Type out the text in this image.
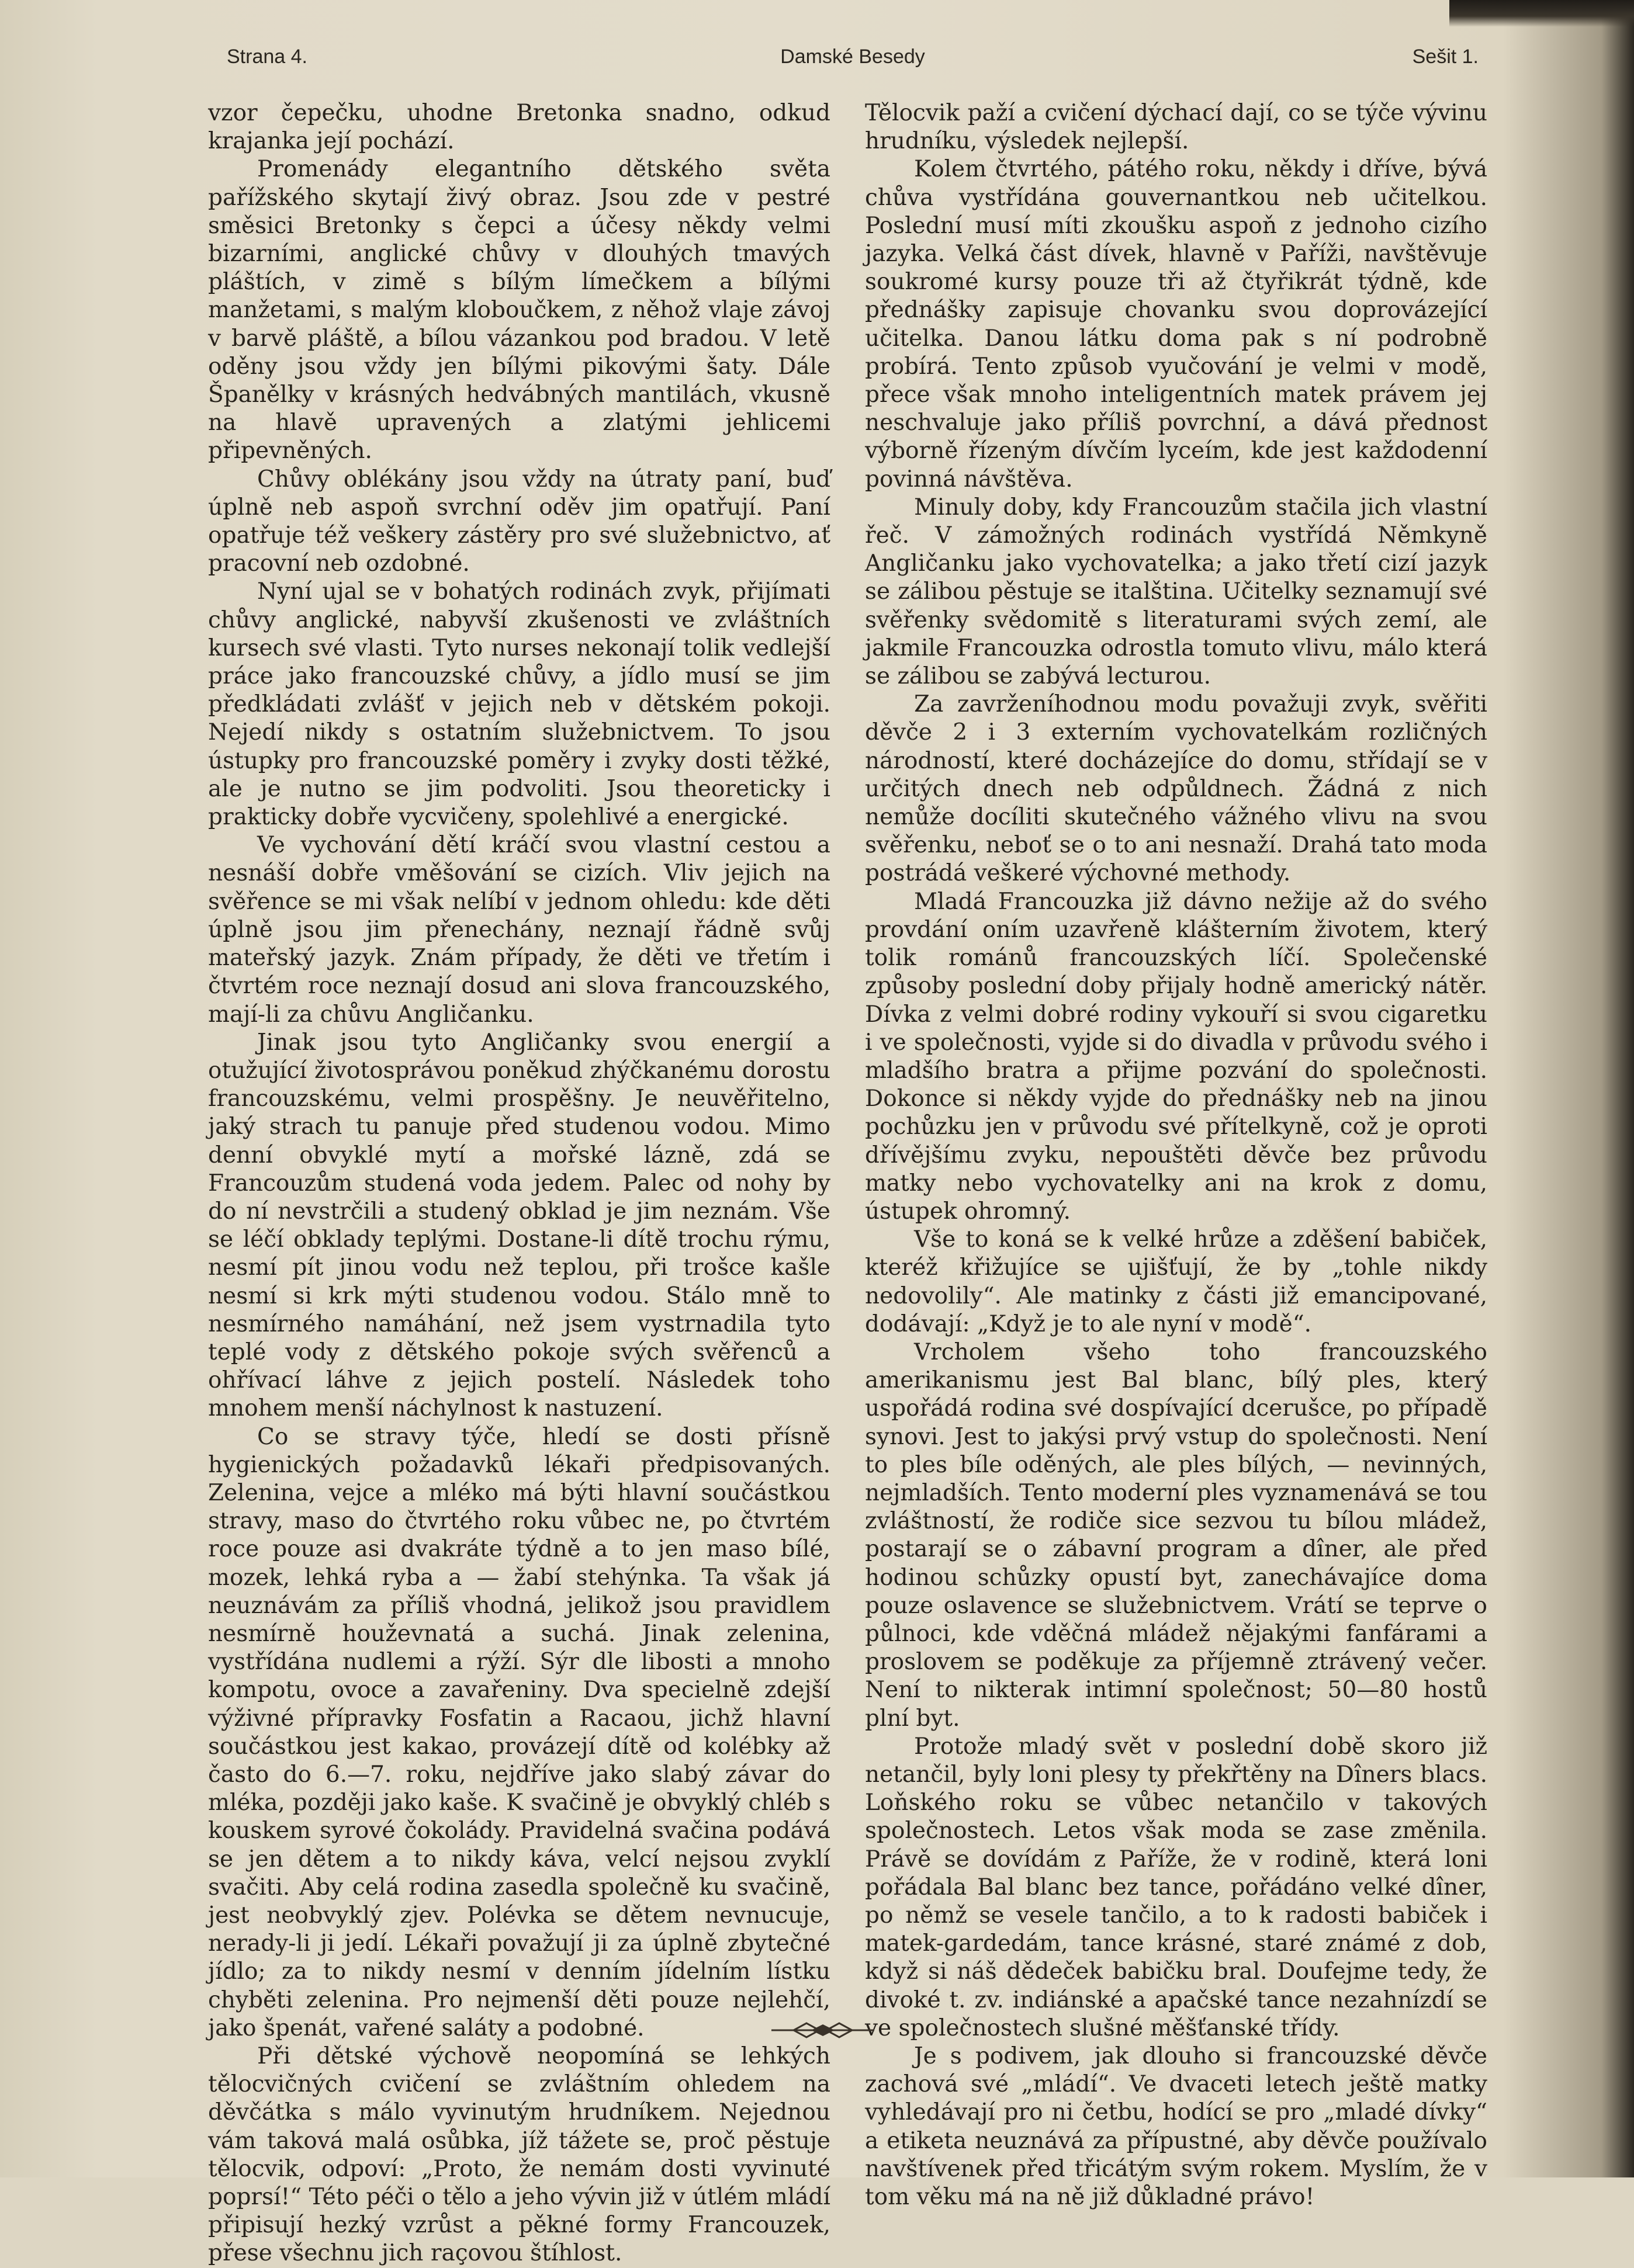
Strana 4.	Damské Besedy	Sešit 1.

vzor čepečku, uhodne Bretonka snadno, odkud krajanka její pochází.

Promenády elegantního dětského světa pařížského skytají živý obraz. Jsou zde v pestré směsici Bretonky s čepci a účesy někdy velmi bizarními, anglické chůvy v dlouhých tmavých pláštích, v zimě s bílým límečkem a bílými manžetami, s malým kloboučkem, z něhož vlaje závoj v barvě pláště, a bílou vázankou pod bradou. V letě oděny jsou vždy jen bílými pikovými šaty. Dále Španělky v krásných hedvábných mantilách, vkusně na hlavě upravených a zlatými jehlicemi připevněných.

Chůvy oblékány jsou vždy na útraty paní, buď úplně neb aspoň svrchní oděv jim opatřují. Paní opatřuje též veškery zástěry pro své služebnictvo, ať pracovní neb ozdobné.

Nyní ujal se v bohatých rodinách zvyk, přijímati chůvy anglické, nabyvší zkušenosti ve zvláštních kursech své vlasti. Tyto nurses nekonají tolik vedlejší práce jako francouzské chůvy, a jídlo musí se jim předkládati zvlášť v jejich neb v dětském pokoji. Nejedí nikdy s ostatním služebnictvem. To jsou ústupky pro francouzské poměry i zvyky dosti těžké, ale je nutno se jim podvoliti. Jsou theoreticky i prakticky dobře vycvičeny, spolehlivé a energické.

Ve vychování dětí kráčí svou vlastní cestou a nesnáší dobře vměšování se cizích. Vliv jejich na svěřence se mi však nelíbí v jednom ohledu: kde děti úplně jsou jim přenechány, neznají řádně svůj mateřský jazyk. Znám případy, že děti ve třetím i čtvrtém roce neznají dosud ani slova francouzského, mají-li za chůvu Angličanku.

Jinak jsou tyto Angličanky svou energií a otužující životosprávou poněkud zhýčkanému dorostu francouzskému, velmi prospěšny. Je neuvěřitelno, jaký strach tu panuje před studenou vodou. Mimo denní obvyklé mytí a mořské lázně, zdá se Francouzům studená voda jedem. Palec od nohy by do ní nevstrčili a studený obklad je jim neznám. Vše se léčí obklady teplými. Dostane-li dítě trochu rýmu, nesmí pít jinou vodu než teplou, při trošce kašle nesmí si krk mýti studenou vodou. Stálo mně to nesmírného namáhání, než jsem vystrnadila tyto teplé vody z dětského pokoje svých svěřenců a ohřívací láhve z jejich postelí. Následek toho mnohem menší náchylnost k nastuzení.

Co se stravy týče, hledí se dosti přísně hygienických požadavků lékaři předpisovaných. Zelenina, vejce a mléko má býti hlavní součástkou stravy, maso do čtvrtého roku vůbec ne, po čtvrtém roce pouze asi dvakráte týdně a to jen maso bílé, mozek, lehká ryba a — žabí stehýnka. Ta však já neuznávám za příliš vhodná, jelikož jsou pravidlem nesmírně houževnatá a suchá. Jinak zelenina, vystřídána nudlemi a rýží. Sýr dle libosti a mnoho kompotu, ovoce a zavařeniny. Dva specielně zdejší výživné přípravky Fosfatin a Racaou, jichž hlavní součástkou jest kakao, provázejí dítě od kolébky až často do 6.—7. roku, nejdříve jako slabý závar do mléka, později jako kaše. K svačině je obvyklý chléb s kouskem syrové čokolády. Pravidelná svačina podává se jen dětem a to nikdy káva, velcí nejsou zvyklí svačiti. Aby celá rodina zasedla společně ku svačině, jest neobvyklý zjev. Polévka se dětem nevnucuje, nerady-li ji jedí. Lékaři považují ji za úplně zbytečné jídlo; za to nikdy nesmí v denním jídelním lístku chyběti zelenina. Pro nejmenší děti pouze nejlehčí, jako špenát, vařené saláty a podobné.

Při dětské výchově neopomíná se lehkých tělocvičných cvičení se zvláštním ohledem na děvčátka s málo vyvinutým hrudníkem. Nejednou vám taková malá osůbka, jíž tážete se, proč pěstuje tělocvik, odpoví: „Proto, že nemám dosti vyvinuté poprsí!“ Této péči o tělo a jeho vývin již v útlém mládí připisují hezký vzrůst a pěkné formy Francouzek, přese všechnu jich raçovou štíhlost.

Tělocvik paží a cvičení dýchací dají, co se týče vývinu hrudníku, výsledek nejlepší.

Kolem čtvrtého, pátého roku, někdy i dříve, bývá chůva vystřídána gouvernantkou neb učitelkou. Poslední musí míti zkoušku aspoň z jednoho cizího jazyka. Velká část dívek, hlavně v Paříži, navštěvuje soukromé kursy pouze tři až čtyřikrát týdně, kde přednášky zapisuje chovanku svou doprovázející učitelka. Danou látku doma pak s ní podrobně probírá. Tento způsob vyučování je velmi v modě, přece však mnoho inteligentních matek právem jej neschvaluje jako příliš povrchní, a dává přednost výborně řízeným dívčím lyceím, kde jest každodenní povinná návštěva.

Minuly doby, kdy Francouzům stačila jich vlastní řeč. V zámožných rodinách vystřídá Němkyně Angličanku jako vychovatelka; a jako třetí cizí jazyk se zálibou pěstuje se italština. Učitelky seznamují své svěřenky svědomitě s literaturami svých zemí, ale jakmile Francouzka odrostla tomuto vlivu, málo která se zálibou se zabývá lecturou.

Za zavrženíhodnou modu považuji zvyk, svěřiti děvče 2 i 3 externím vychovatelkám rozličných národností, které docházejíce do domu, střídají se v určitých dnech neb odpůldnech. Žádná z nich nemůže docíliti skutečného vážného vlivu na svou svěřenku, neboť se o to ani nesnaží. Drahá tato moda postrádá veškeré výchovné methody.

Mladá Francouzka již dávno nežije až do svého provdání oním uzavřeně klášterním životem, který tolik románů francouzských líčí. Společenské způsoby poslední doby přijaly hodně americký nátěr. Dívka z velmi dobré rodiny vykouří si svou cigaretku i ve společnosti, vyjde si do divadla v průvodu svého i mladšího bratra a přijme pozvání do společnosti. Dokonce si někdy vyjde do přednášky neb na jinou pochůzku jen v průvodu své přítelkyně, což je oproti dřívějšímu zvyku, nepouštěti děvče bez průvodu matky nebo vychovatelky ani na krok z domu, ústupek ohromný.

Vše to koná se k velké hrůze a zděšení babiček, kteréž křižujíce se ujišťují, že by „tohle nikdy nedovolily“. Ale matinky z části již emancipované, dodávají: „Když je to ale nyní v modě“.

Vrcholem všeho toho francouzského amerikanismu jest Bal blanc, bílý ples, který uspořádá rodina své dospívající dcerušce, po případě synovi. Jest to jakýsi prvý vstup do společnosti. Není to ples bíle oděných, ale ples bílých, — nevinných, nejmladších. Tento moderní ples vyznamenává se tou zvláštností, že rodiče sice sezvou tu bílou mládež, postarají se o zábavní program a dîner, ale před hodinou schůzky opustí byt, zanechávajíce doma pouze oslavence se služebnictvem. Vrátí se teprve o půlnoci, kde vděčná mládež nějakými fanfárami a proslovem se poděkuje za příjemně ztrávený večer. Není to nikterak intimní společnost; 50—80 hostů plní byt.

Protože mladý svět v poslední době skoro již netančil, byly loni plesy ty překřtěny na Dîners blacs. Loňského roku se vůbec netančilo v takových společnostech. Letos však moda se zase změnila. Právě se dovídám z Paříže, že v rodině, která loni pořádala Bal blanc bez tance, pořádáno velké dîner, po němž se vesele tančilo, a to k radosti babiček i matek-gardedám, tance krásné, staré známé z dob, když si náš dědeček babičku bral. Doufejme tedy, že divoké t. zv. indiánské a apačské tance nezahnízdí se ve společnostech slušné měšťanské třídy.

Je s podivem, jak dlouho si francouzské děvče zachová své „mládí“. Ve dvaceti letech ještě matky vyhledávají pro ni četbu, hodící se pro „mladé dívky“ a etiketa neuznává za přípustné, aby děvče používalo navštívenek před třicátým svým rokem. Myslím, že v tom věku má na ně již důkladné právo!
